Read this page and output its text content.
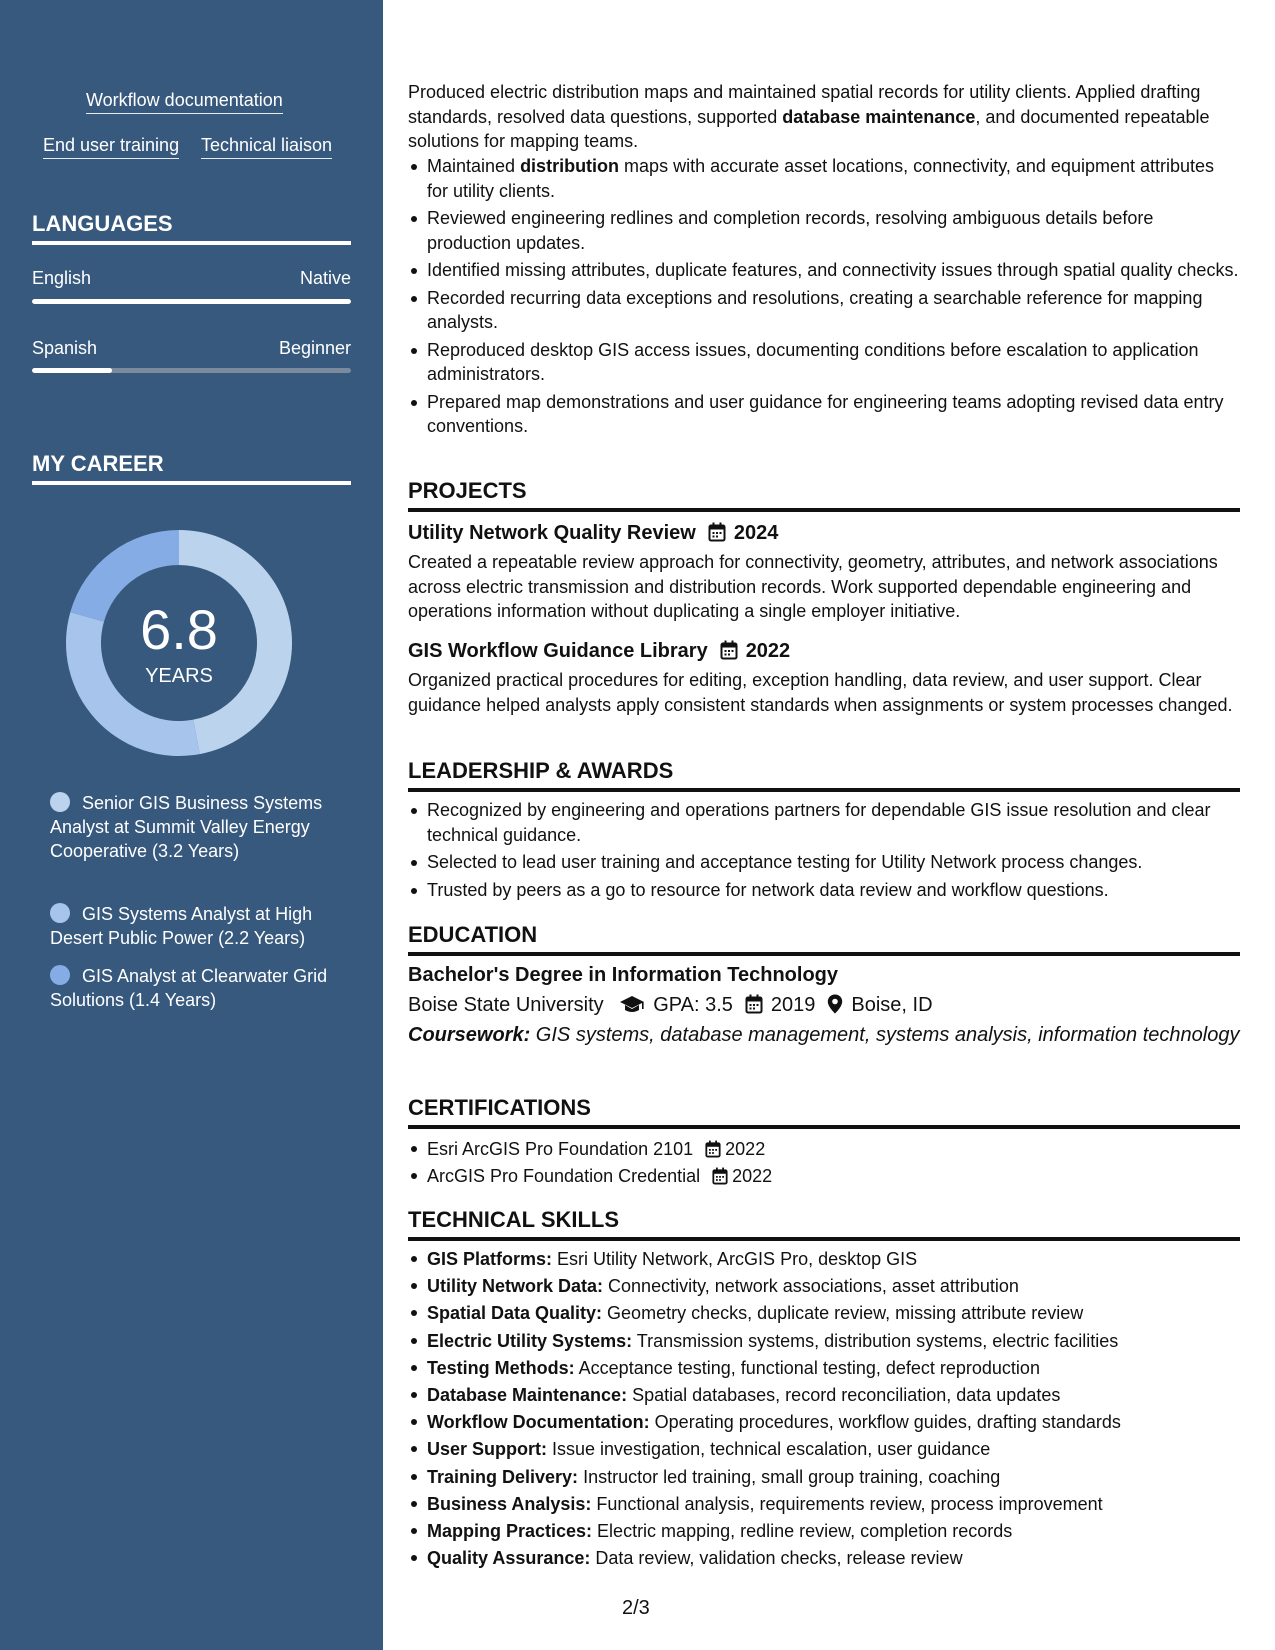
Workflow documentation
End user training Technical liaison
LANGUAGES
English	Native
Spanish	Beginner
MY CAREER
6.8
YEARS
Senior GIS Business Systems Analyst at Summit Valley Energy Cooperative (3.2 Years)
GIS Systems Analyst at High Desert Public Power (2.2 Years)
GIS Analyst at Clearwater Grid Solutions (1.4 Years)
Produced electric distribution maps and maintained spatial records for utility clients. Applied drafting standards, resolved data questions, supported database maintenance, and documented repeatable solutions for mapping teams.
Maintained distribution maps with accurate asset locations, connectivity, and equipment attributes for utility clients.
Reviewed engineering redlines and completion records, resolving ambiguous details before production updates.
Identified missing attributes, duplicate features, and connectivity issues through spatial quality checks.
Recorded recurring data exceptions and resolutions, creating a searchable reference for mapping analysts.
Reproduced desktop GIS access issues, documenting conditions before escalation to application administrators.
Prepared map demonstrations and user guidance for engineering teams adopting revised data entry conventions.
PROJECTS
Utility Network Quality Review 2024
Created a repeatable review approach for connectivity, geometry, attributes, and network associations across electric transmission and distribution records. Work supported dependable engineering and operations information without duplicating a single employer initiative.
GIS Workflow Guidance Library 2022
Organized practical procedures for editing, exception handling, data review, and user support. Clear guidance helped analysts apply consistent standards when assignments or system processes changed.
LEADERSHIP & AWARDS
Recognized by engineering and operations partners for dependable GIS issue resolution and clear technical guidance.
Selected to lead user training and acceptance testing for Utility Network process changes.
Trusted by peers as a go to resource for network data review and workflow questions.
EDUCATION
Bachelor's Degree in Information Technology
Boise State University GPA: 3.5 2019 Boise, ID
Coursework: GIS systems, database management, systems analysis, information technology
CERTIFICATIONS
Esri ArcGIS Pro Foundation 2101 2022
ArcGIS Pro Foundation Credential 2022
TECHNICAL SKILLS
GIS Platforms: Esri Utility Network, ArcGIS Pro, desktop GIS
Utility Network Data: Connectivity, network associations, asset attribution
Spatial Data Quality: Geometry checks, duplicate review, missing attribute review
Electric Utility Systems: Transmission systems, distribution systems, electric facilities
Testing Methods: Acceptance testing, functional testing, defect reproduction
Database Maintenance: Spatial databases, record reconciliation, data updates
Workflow Documentation: Operating procedures, workflow guides, drafting standards
User Support: Issue investigation, technical escalation, user guidance
Training Delivery: Instructor led training, small group training, coaching
Business Analysis: Functional analysis, requirements review, process improvement
Mapping Practices: Electric mapping, redline review, completion records
Quality Assurance: Data review, validation checks, release review
2/3
